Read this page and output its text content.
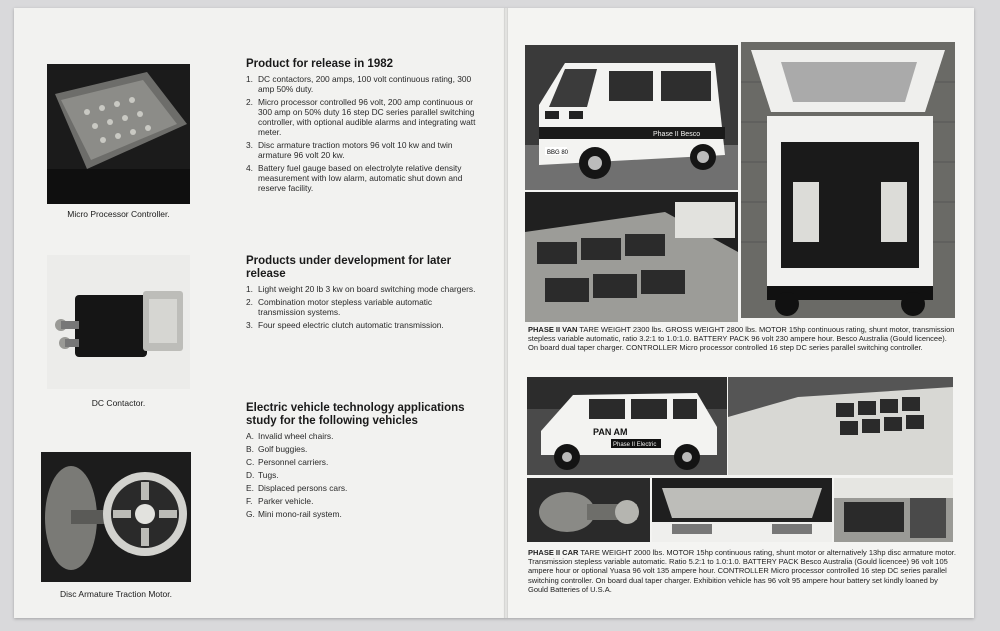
Micro Processor Controller.
DC Contactor.
Disc Armature Traction Motor.
Product for release in 1982
1. DC contactors, 200 amps, 100 volt continuous rating, 300 amp 50% duty.
2. Micro processor controlled 96 volt, 200 amp continuous or 300 amp on 50% duty 16 step DC series parallel switching controller, with optional audible alarms and integrating watt meter.
3. Disc armature traction motors 96 volt 10 kw and twin armature 96 volt 20 kw.
4. Battery fuel gauge based on electrolyte relative density measurement with low alarm, automatic shut down and reserve facility.
Products under development for later release
1. Light weight 20 lb 3 kw on board switching mode chargers.
2. Combination motor stepless variable automatic transmission systems.
3. Four speed electric clutch automatic transmission.
Electric vehicle technology applications study for the following vehicles
A. Invalid wheel chairs.
B. Golf buggies.
C. Personnel carriers.
D. Tugs.
E. Displaced persons cars.
F. Parker vehicle.
G. Mini mono-rail system.
Phase II Besco
BBG 80
PHASE II VAN TARE WEIGHT 2300 lbs. GROSS WEIGHT 2800 lbs. MOTOR 15hp continuous rating, shunt motor, transmission stepless variable automatic, ratio 3.2:1 to 1.0:1.0. BATTERY PACK 96 volt 230 ampere hour. Besco Australia (Gould licencee). On board dual taper charger. CONTROLLER Micro processor controlled 16 step DC series parallel switching controller.
PAN AM
Phase II Electric
PHASE II CAR TARE WEIGHT 2000 lbs. MOTOR 15hp continuous rating, shunt motor or alternatively 13hp disc armature motor. Transmission stepless variable automatic. Ratio 5.2:1 to 1.0:1.0. BATTERY PACK Besco Australia (Gould licencee) 96 volt 105 ampere hour or optional Yuasa 96 volt 135 ampere hour. CONTROLLER Micro processor controlled 16 step DC series parallel switching controller. On board dual taper charger. Exhibition vehicle has 96 volt 95 ampere hour battery set kindly loaned by Gould Batteries of U.S.A.
